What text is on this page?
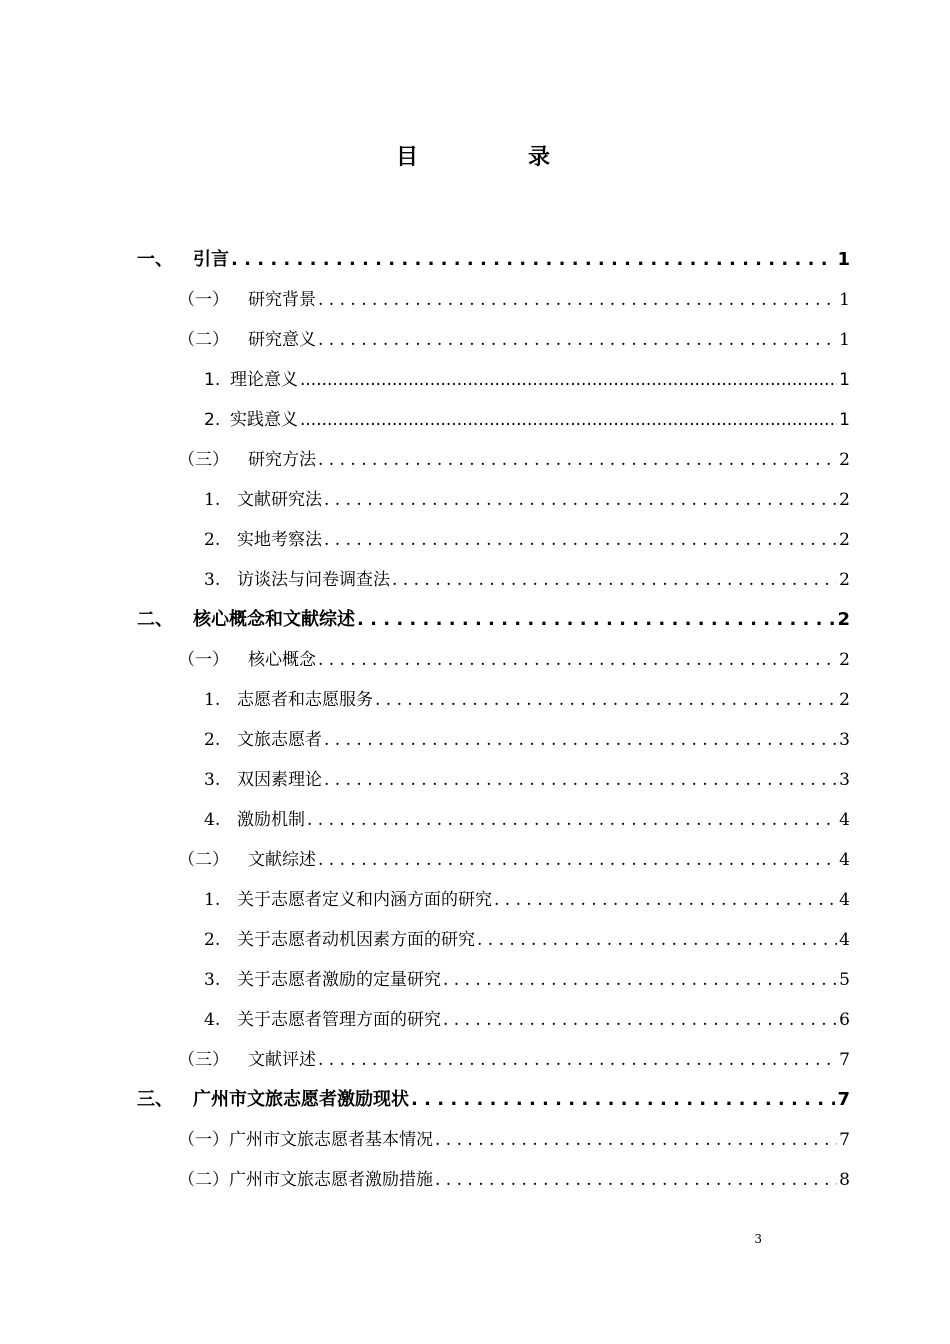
目　录
一、	引言 . . .	1
（一）	研究背景 . . .	1
（二）	研究意义 . . .	1
1. 理论意义 .....	1
2. 实践意义 .....	1
（三）	研究方法 . . .	2
1. 文献研究法 . . .	2
2. 实地考察法 . . .	2
3. 访谈法与问卷调查法 . . .	2
二、	核心概念和文献综述 . . .	2
（一）	核心概念 . . .	2
1. 志愿者和志愿服务 . . .	2
2. 文旅志愿者 . . .	3
3. 双因素理论 . . .	3
4. 激励机制 . . .	4
（二）	文献综述 . . .	4
1. 关于志愿者定义和内涵方面的研究 . . .	4
2. 关于志愿者动机因素方面的研究 . . .	4
3. 关于志愿者激励的定量研究 . . .	5
4. 关于志愿者管理方面的研究 . . .	6
（三）	文献评述 . . .	7
三、	广州市文旅志愿者激励现状 . . .	7
（一） 广州市文旅志愿者基本情况 . . .	7
（二） 广州市文旅志愿者激励措施 . . .	8
3
